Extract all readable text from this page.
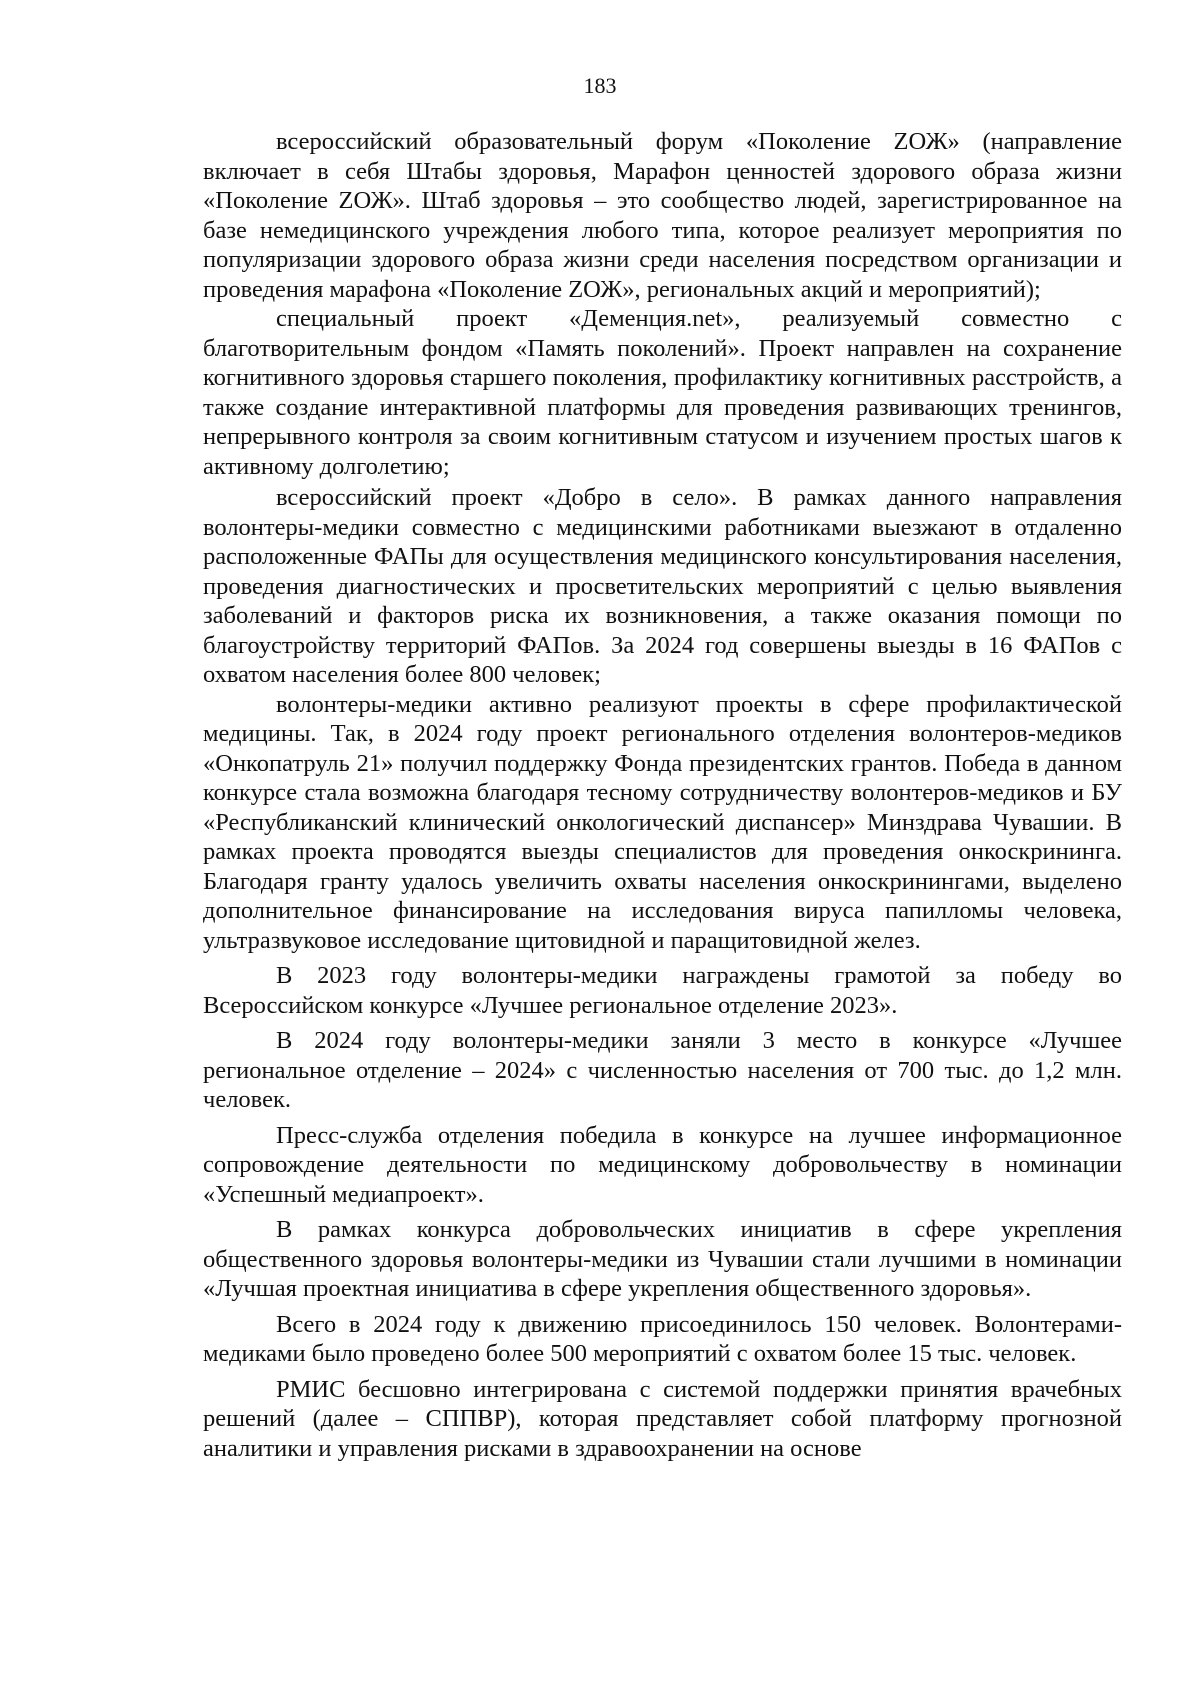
183

всероссийский образовательный форум «Поколение ZОЖ» (направление включает в себя Штабы здоровья, Марафон ценностей здорового образа жизни «Поколение ZОЖ». Штаб здоровья – это сообщество людей, зарегистрированное на базе немедицинского учреждения любого типа, которое реализует мероприятия по популяризации здорового образа жизни среди населения посредством организации и проведения марафона «Поколение ZОЖ», региональных акций и мероприятий);

специальный проект «Деменция.net», реализуемый совместно с благотворительным фондом «Память поколений». Проект направлен на сохранение когнитивного здоровья старшего поколения, профилактику когнитивных расстройств, а также создание интерактивной платформы для проведения развивающих тренингов, непрерывного контроля за своим когнитивным статусом и изучением простых шагов к активному долголетию;

всероссийский проект «Добро в село». В рамках данного направления волонтеры-медики совместно с медицинскими работниками выезжают в отдаленно расположенные ФАПы для осуществления медицинского консультирования населения, проведения диагностических и просветительских мероприятий с целью выявления заболеваний и факторов риска их возникновения, а также оказания помощи по благоустройству территорий ФАПов. За 2024 год совершены выезды в 16 ФАПов с охватом населения более 800 человек;

волонтеры-медики активно реализуют проекты в сфере профилактической медицины. Так, в 2024 году проект регионального отделения волонтеров-медиков «Онкопатруль 21» получил поддержку Фонда президентских грантов. Победа в данном конкурсе стала возможна благодаря тесному сотрудничеству волонтеров-медиков и БУ «Республиканский клинический онкологический диспансер» Минздрава Чувашии. В рамках проекта проводятся выезды специалистов для проведения онкоскрининга. Благодаря гранту удалось увеличить охваты населения онкоскринингами, выделено дополнительное финансирование на исследования вируса папилломы человека, ультразвуковое исследование щитовидной и паращитовидной желез.

В 2023 году волонтеры-медики награждены грамотой за победу во Всероссийском конкурсе «Лучшее региональное отделение 2023».

В 2024 году волонтеры-медики заняли 3 место в конкурсе «Лучшее региональное отделение – 2024» с численностью населения от 700 тыс. до 1,2 млн. человек.

Пресс-служба отделения победила в конкурсе на лучшее информационное сопровождение деятельности по медицинскому добровольчеству в номинации «Успешный медиапроект».

В рамках конкурса добровольческих инициатив в сфере укрепления общественного здоровья волонтеры-медики из Чувашии стали лучшими в номинации «Лучшая проектная инициатива в сфере укрепления общественного здоровья».

Всего в 2024 году к движению присоединилось 150 человек. Волонтерами-медиками было проведено более 500 мероприятий с охватом более 15 тыс. человек.

РМИС бесшовно интегрирована с системой поддержки принятия врачебных решений (далее – СППВР), которая представляет собой платформу прогнозной аналитики и управления рисками в здравоохранении на основе
